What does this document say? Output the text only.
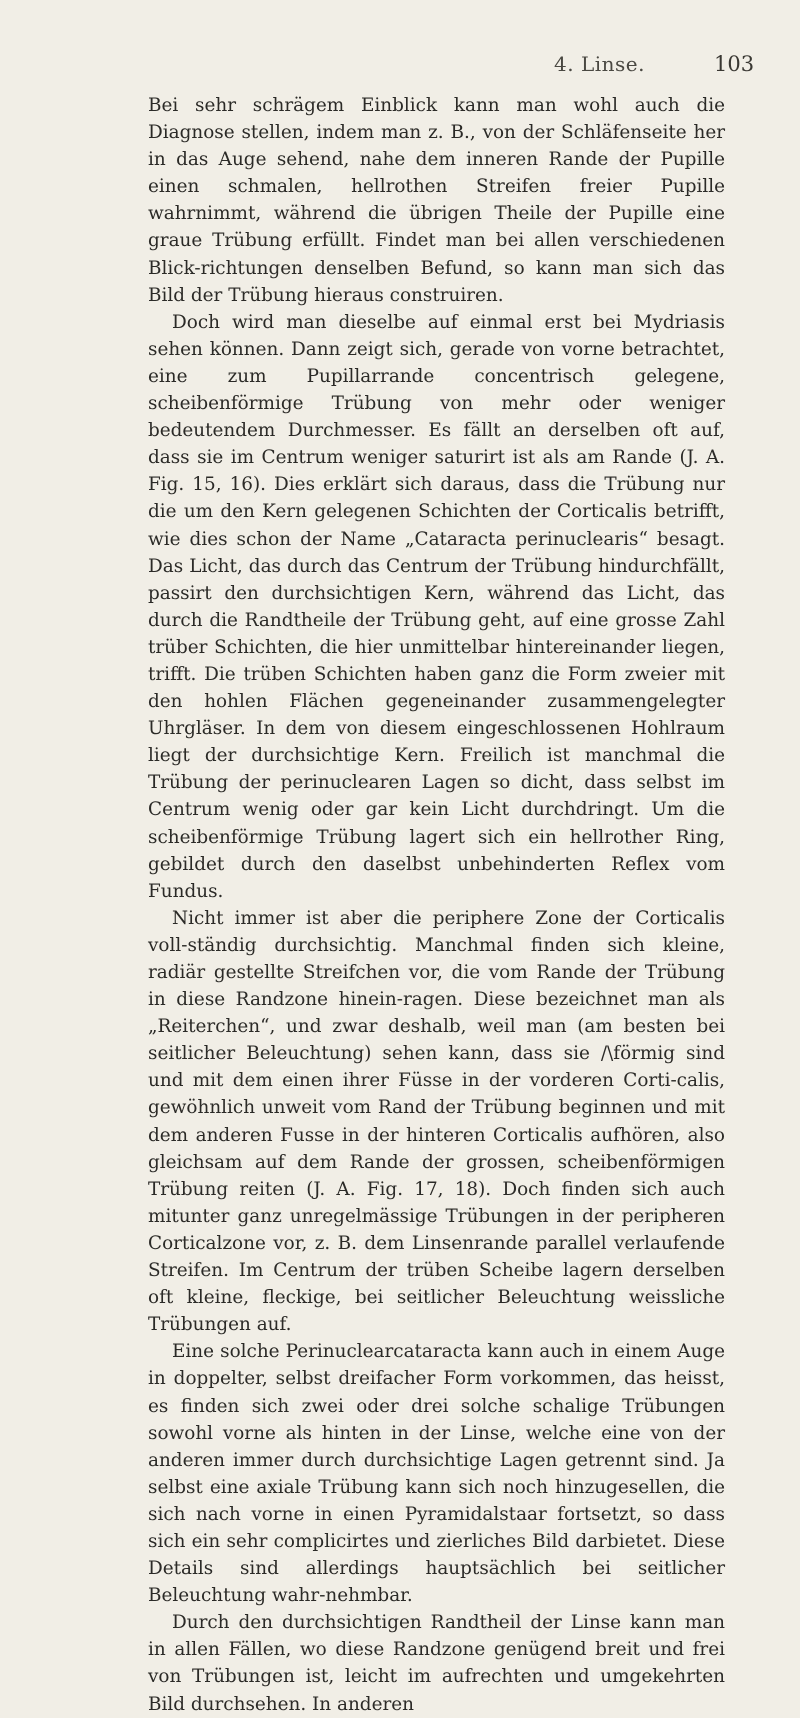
4. Linse.	103

Bei sehr schrägem Einblick kann man wohl auch die Diagnose stellen, indem man z. B., von der Schläfenseite her in das Auge sehend, nahe dem inneren Rande der Pupille einen schmalen, hellrothen Streifen freier Pupille wahrnimmt, während die übrigen Theile der Pupille eine graue Trübung erfüllt. Findet man bei allen verschiedenen Blick-richtungen denselben Befund, so kann man sich das Bild der Trübung hieraus construiren.

Doch wird man dieselbe auf einmal erst bei Mydriasis sehen können. Dann zeigt sich, gerade von vorne betrachtet, eine zum Pupillarrande concentrisch gelegene, scheibenförmige Trübung von mehr oder weniger bedeutendem Durchmesser. Es fällt an derselben oft auf, dass sie im Centrum weniger saturirt ist als am Rande (J. A. Fig. 15, 16). Dies erklärt sich daraus, dass die Trübung nur die um den Kern gelegenen Schichten der Corticalis betrifft, wie dies schon der Name „Cataracta perinuclearis“ besagt. Das Licht, das durch das Centrum der Trübung hindurchfällt, passirt den durchsichtigen Kern, während das Licht, das durch die Randtheile der Trübung geht, auf eine grosse Zahl trüber Schichten, die hier unmittelbar hintereinander liegen, trifft. Die trüben Schichten haben ganz die Form zweier mit den hohlen Flächen gegeneinander zusammengelegter Uhrgläser. In dem von diesem eingeschlossenen Hohlraum liegt der durchsichtige Kern. Freilich ist manchmal die Trübung der perinuclearen Lagen so dicht, dass selbst im Centrum wenig oder gar kein Licht durchdringt. Um die scheibenförmige Trübung lagert sich ein hellrother Ring, gebildet durch den daselbst unbehinderten Reflex vom Fundus.

Nicht immer ist aber die periphere Zone der Corticalis voll-ständig durchsichtig. Manchmal finden sich kleine, radiär gestellte Streifchen vor, die vom Rande der Trübung in diese Randzone hinein-ragen. Diese bezeichnet man als „Reiterchen“, und zwar deshalb, weil man (am besten bei seitlicher Beleuchtung) sehen kann, dass sie /\förmig sind und mit dem einen ihrer Füsse in der vorderen Corti-calis, gewöhnlich unweit vom Rand der Trübung beginnen und mit dem anderen Fusse in der hinteren Corticalis aufhören, also gleichsam auf dem Rande der grossen, scheibenförmigen Trübung reiten (J. A. Fig. 17, 18). Doch finden sich auch mitunter ganz unregelmässige Trübungen in der peripheren Corticalzone vor, z. B. dem Linsenrande parallel verlaufende Streifen. Im Centrum der trüben Scheibe lagern derselben oft kleine, fleckige, bei seitlicher Beleuchtung weissliche Trübungen auf.

Eine solche Perinuclearcataracta kann auch in einem Auge in doppelter, selbst dreifacher Form vorkommen, das heisst, es finden sich zwei oder drei solche schalige Trübungen sowohl vorne als hinten in der Linse, welche eine von der anderen immer durch durchsichtige Lagen getrennt sind. Ja selbst eine axiale Trübung kann sich noch hinzugesellen, die sich nach vorne in einen Pyramidalstaar fortsetzt, so dass sich ein sehr complicirtes und zierliches Bild darbietet. Diese Details sind allerdings hauptsächlich bei seitlicher Beleuchtung wahr-nehmbar.

Durch den durchsichtigen Randtheil der Linse kann man in allen Fällen, wo diese Randzone genügend breit und frei von Trübungen ist, leicht im aufrechten und umgekehrten Bild durchsehen. In anderen
